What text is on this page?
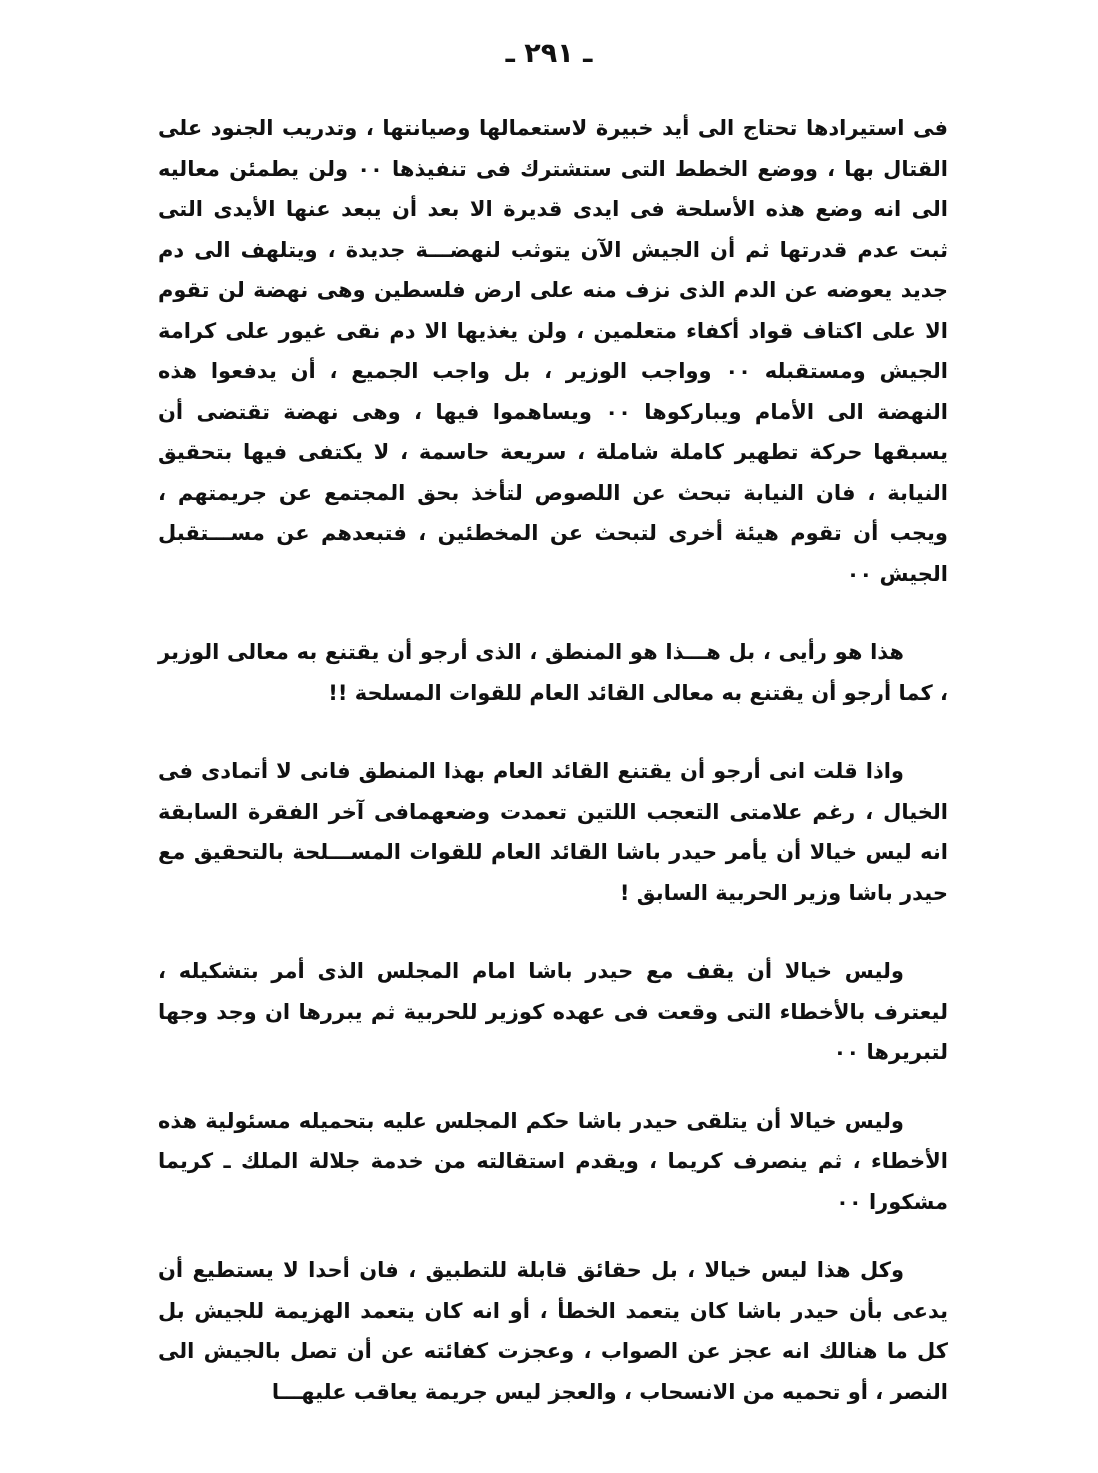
ـ ٢٩١ ـ

فى استيرادها تحتاج الى أيد خبيرة لاستعمالها وصيانتها ، وتدريب الجنود على القتال بها ، ووضع الخطط التى ستشترك فى تنفيذها ٠٠ ولن يطمئن معاليه الى انه وضع هذه الأسلحة فى ايدى قديرة الا بعد أن يبعد عنها الأيدى التى ثبت عدم قدرتها ثم أن الجيش الآن يتوثب لنهضـــة جديدة ، ويتلهف الى دم جديد يعوضه عن الدم الذى نزف منه على ارض فلسطين وهى نهضة لن تقوم الا على اكتاف قواد أكفاء متعلمين ، ولن يغذيها الا دم نقى غيور على كرامة الجيش ومستقبله ٠٠ وواجب الوزير ، بل واجب الجميع ، أن يدفعوا هذه النهضة الى الأمام ويباركوها ٠٠ ويساهموا فيها ، وهى نهضة تقتضى أن يسبقها حركة تطهير كاملة شاملة ، سريعة حاسمة ، لا يكتفى فيها بتحقيق النيابة ، فان النيابة تبحث عن اللصوص لتأخذ بحق المجتمع عن جريمتهم ، ويجب أن تقوم هيئة أخرى لتبحث عن المخطئين ، فتبعدهم عن مســـتقبل الجيش ٠٠

هذا هو رأيى ، بل هـــذا هو المنطق ، الذى أرجو أن يقتنع به معالى الوزير ، كما أرجو أن يقتنع به معالى القائد العام للقوات المسلحة !!

واذا قلت انى أرجو أن يقتنع القائد العام بهذا المنطق فانى لا أتمادى فى الخيال ، رغم علامتى التعجب اللتين تعمدت وضعهمافى آخر الفقرة السابقة انه ليس خيالا أن يأمر حيدر باشا القائد العام للقوات المســـلحة بالتحقيق مع حيدر باشا وزير الحربية السابق !

وليس خيالا أن يقف مع حيدر باشا امام المجلس الذى أمر بتشكيله ، ليعترف بالأخطاء التى وقعت فى عهده كوزير للحربية ثم يبررها ان وجد وجها لتبريرها ٠٠

وليس خيالا أن يتلقى حيدر باشا حكم المجلس عليه بتحميله مسئولية هذه الأخطاء ، ثم ينصرف كريما ، ويقدم استقالته من خدمة جلالة الملك ـ كريما مشكورا ٠٠

وكل هذا ليس خيالا ، بل حقائق قابلة للتطبيق ، فان أحدا لا يستطيع أن يدعى بأن حيدر باشا كان يتعمد الخطأ ، أو انه كان يتعمد الهزيمة للجيش بل كل ما هنالك انه عجز عن الصواب ، وعجزت كفائته عن أن تصل بالجيش الى النصر ، أو تحميه من الانسحاب ، والعجز ليس جريمة يعاقب عليهـــا
